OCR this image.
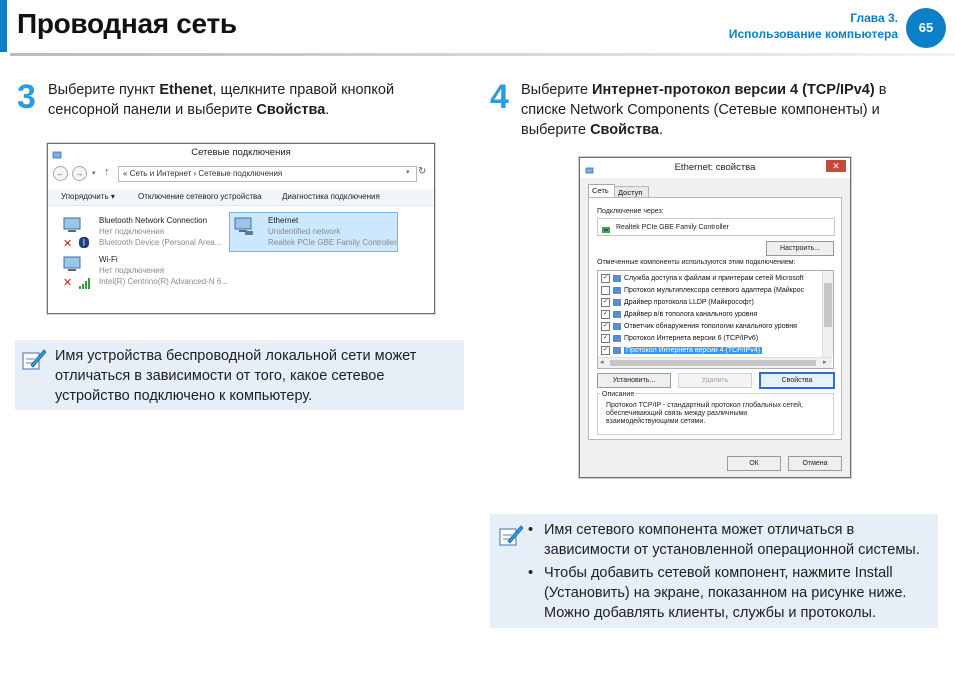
Проводная сеть	Глава 3.
Использование компьютера	65
3 Выберите пункт Ethenet, щелкните правой кнопкой сенсорной панели и выберите Свойства.
Сетевые подключения
←	→	▾ ↑	« Сеть и Интернет › Сетевые подключения	▾ ↻
Упорядочить ▾	Отключение сетевого устройства	Диагностика подключения
✕	ᛒ
Bluetooth Network Connection
Нет подключения
Bluetooth Device (Personal Area...
Ethernet
Unidentified network
Realtek PCIe GBE Family Controller
✕
Wi-Fi
Нет подключения
Intel(R) Centrino(R) Advanced-N 6...
Имя устройства беспроводной локальной сети может отличаться в зависимости от того, какое сетевое устройство подключено к компьютеру.
4 Выберите Интернет-протокол версии 4 (TCP/IPv4) в списке Network Components (Сетевые компоненты) и выберите Свойства.
Ethernet: свойства	✕
Сеть	Доступ
Подключение через:
Realtek PCIe GBE Family Controller
Настроить...
Отмеченные компоненты используются этим подключением:
✓ Служба доступа к файлам и принтерам сетей Microsoft
Протокол мультиплексора сетевого адаптера (Майкрос
✓ Драйвер протокола LLDP (Майкрософт)
✓ Драйвер в/в тополога канального уровня
✓ Ответчик обнаружения топологии канального уровня
✓ Протокол Интернета версии 6 (TCP/IPv6)
✓	Протокол Интернета версии 4 (TCP/IPv4)
◂	▸
Установить...	Удалить	Свойства
Описание
Протокол TCP/IP - стандартный протокол глобальных сетей, обеспечивающий связь между различными взаимодействующими сетями.
ОК	Отмена
• Имя сетевого компонента может отличаться в зависимости от установленной операционной системы.
• Чтобы добавить сетевой компонент, нажмите Install (Установить) на экране, показанном на рисунке ниже. Можно добавлять клиенты, службы и протоколы.
